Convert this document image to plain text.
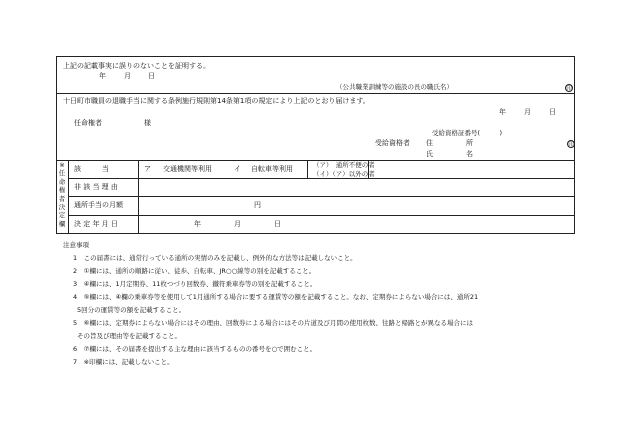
上記の記載事実に誤りのないことを証明する。
年	月 日
（公共職業訓練等の施設の長の職氏名）	印
十日町市職員の退職手当に関する条例施行規則第14条第1項の規定により上記のとおり届けます。
年	月	日
任命権者	様
受給資格証番号(　　　)
受給資格者 住	所	印
氏	名
※任命権者決定欄
該　　　当	ア 交通機関等利用	イ 自転車等利用	（ア）　通所不便の者
（イ）（ア）以外の者
非 該 当 理 由
通所手当の月額	円
決 定 年 月 日	年	月	日
注意事項
1　この届書には、通常行っている通所の実情のみを記載し、例外的な方法等は記載しないこと。
2　①欄には、通所の順路に従い、徒歩、自転車、JR○○線等の別を記載すること。
3　④欄には、1月定期券、11枚つづり回数券、鐵符乗車券等の別を記載すること。
4　⑤欄には、④欄の乗車券等を使用して1月通所する場合に要する運賃等の額を記載すること。なお、定期券によらない場合には、通所21
5回分の運賃等の額を記載すること。
5　⑥欄には、定期券によらない場合にはその理由、回数券による場合にはその片道及び月間の使用枚数、往路と帰路とが異なる場合には
その旨及び理由等を記載すること。
6　⑦欄には、その届書を提出する主な理由に該当するものの番号を○で囲むこと。
7　※印欄には、記載しないこと。
